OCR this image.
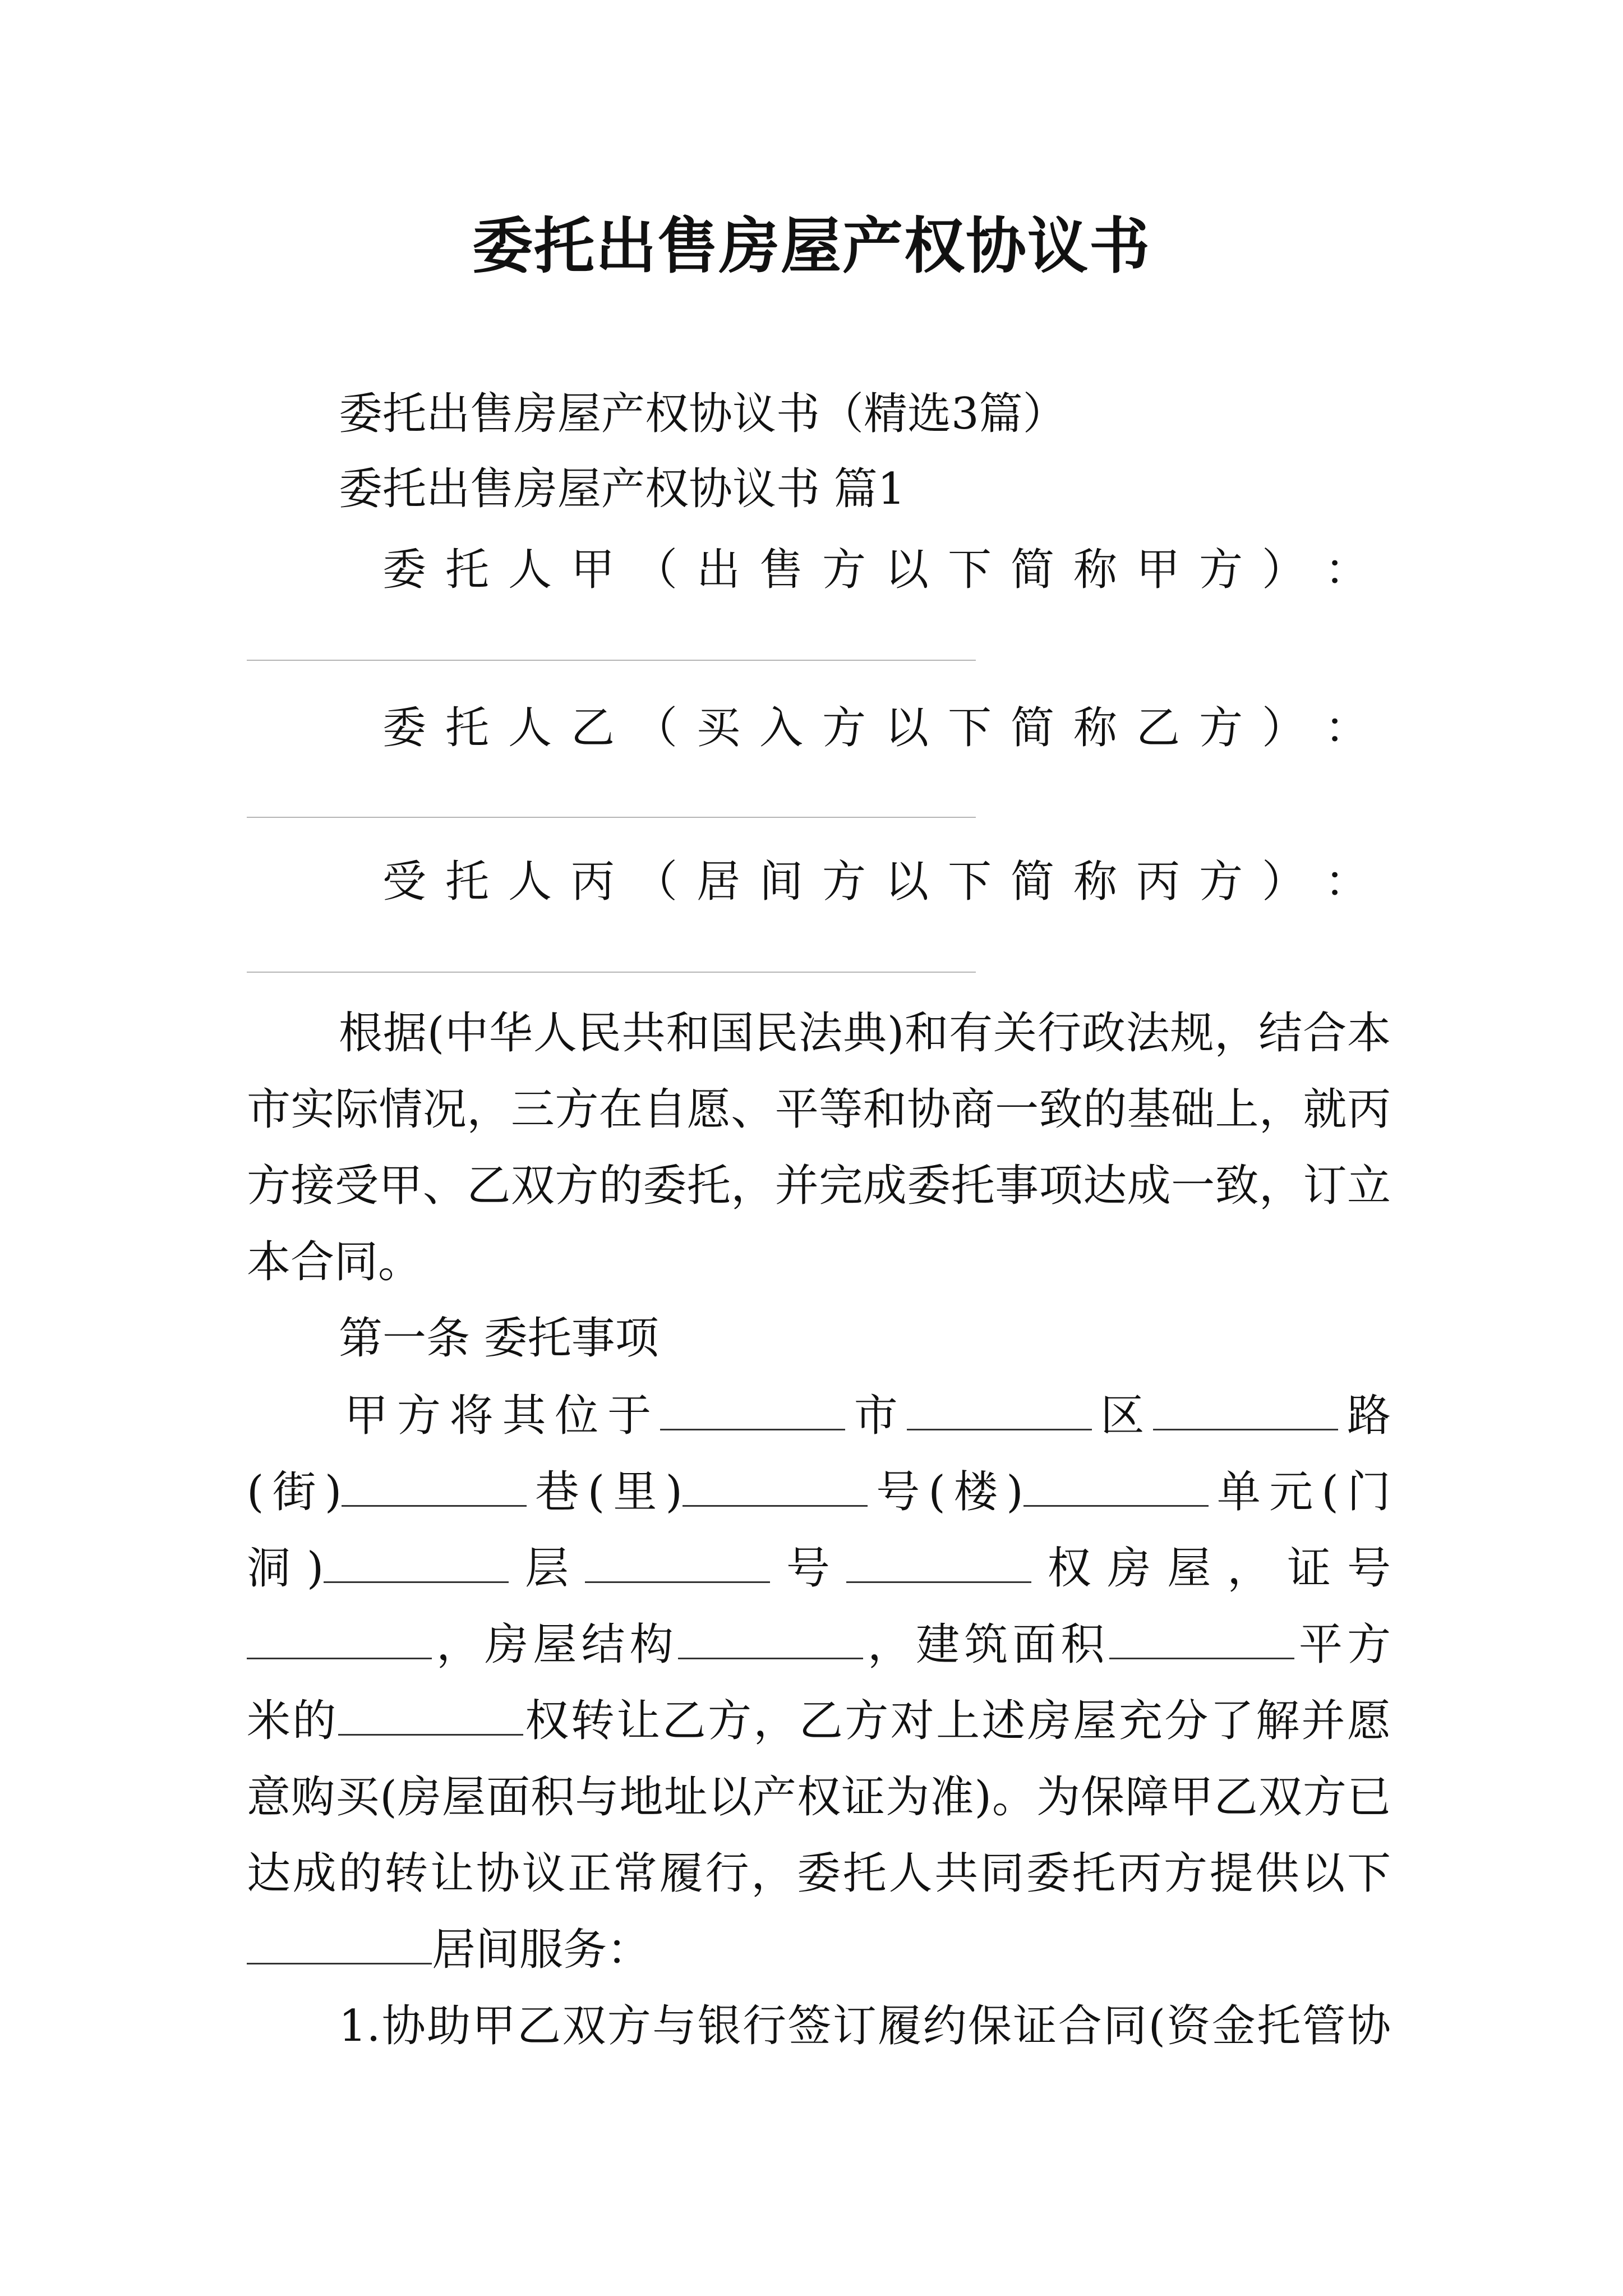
委托出售房屋产权协议书
委托出售房屋产权协议书（精选3篇）
委托出售房屋产权协议书 篇1
委 托 人 甲 （ 出 售 方 以 下 简 称 甲 方 ） ：
委 托 人 乙 （ 买 入 方 以 下 简 称 乙 方 ） ：
受 托 人 丙 （ 居 间 方 以 下 简 称 丙 方 ） ：
根据(中华人民共和国民法典)和有关行政法规，结合本
市实际情况，三方在自愿、平等和协商一致的基础上，就丙
方接受甲、乙双方的委托，并完成委托事项达成一致，订立
本合同。
第一条 委托事项
甲方将其位于	市	区	路
(街)	巷(里)	号(楼)	单元(门
洞)	层	号	权房屋，证号
，房屋结构	，建筑面积	平方
米的	权转让乙方，乙方对上述房屋充分了解并愿
意购买(房屋面积与地址以产权证为准)。为保障甲乙双方已
达成的转让协议正常履行，委托人共同委托丙方提供以下
居间服务：
1.协助甲乙双方与银行签订履约保证合同(资金托管协
